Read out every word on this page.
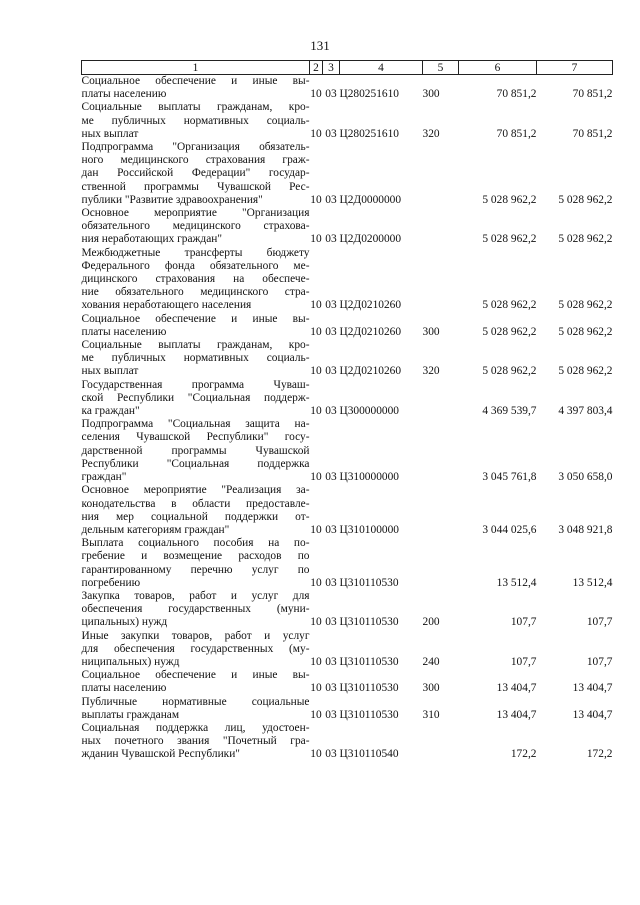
131
1	2	3	4	5	6	7

Социальное обеспечение и иные вы-
платы населению	10	03	Ц280251610	300	70 851,2	70 851,2

Социальные выплаты гражданам, кро-
ме публичных нормативных социаль-
ных выплат	10	03	Ц280251610	320	70 851,2	70 851,2

Подпрограмма "Организация обязатель-
ного медицинского страхования граж-
дан Российской Федерации" государ-
ственной программы Чувашской Рес-
публики "Развитие здравоохранения"	10	03	Ц2Д0000000		5 028 962,2	5 028 962,2

Основное мероприятие "Организация
обязательного медицинского страхова-
ния неработающих граждан"	10	03	Ц2Д0200000		5 028 962,2	5 028 962,2

Межбюджетные трансферты бюджету
Федерального фонда обязательного ме-
дицинского страхования на обеспече-
ние обязательного медицинского стра-
хования неработающего населения	10	03	Ц2Д0210260		5 028 962,2	5 028 962,2

Социальное обеспечение и иные вы-
платы населению	10	03	Ц2Д0210260	300	5 028 962,2	5 028 962,2

Социальные выплаты гражданам, кро-
ме публичных нормативных социаль-
ных выплат	10	03	Ц2Д0210260	320	5 028 962,2	5 028 962,2

Государственная программа Чуваш-
ской Республики "Социальная поддерж-
ка граждан"	10	03	Ц300000000		4 369 539,7	4 397 803,4

Подпрограмма "Социальная защита на-
селения Чувашской Республики" госу-
дарственной программы Чувашской
Республики "Социальная поддержка
граждан"	10	03	Ц310000000		3 045 761,8	3 050 658,0

Основное мероприятие "Реализация за-
конодательства в области предоставле-
ния мер социальной поддержки от-
дельным категориям граждан"	10	03	Ц310100000		3 044 025,6	3 048 921,8

Выплата социального пособия на по-
гребение и возмещение расходов по
гарантированному перечню услуг по
погребению	10	03	Ц310110530		13 512,4	13 512,4

Закупка товаров, работ и услуг для
обеспечения государственных (муни-
ципальных) нужд	10	03	Ц310110530	200	107,7	107,7

Иные закупки товаров, работ и услуг
для обеспечения государственных (му-
ниципальных) нужд	10	03	Ц310110530	240	107,7	107,7

Социальное обеспечение и иные вы-
платы населению	10	03	Ц310110530	300	13 404,7	13 404,7

Публичные нормативные социальные
выплаты гражданам	10	03	Ц310110530	310	13 404,7	13 404,7

Социальная поддержка лиц, удостоен-
ных почетного звания "Почетный гра-
жданин Чувашской Республики"	10	03	Ц310110540		172,2	172,2
